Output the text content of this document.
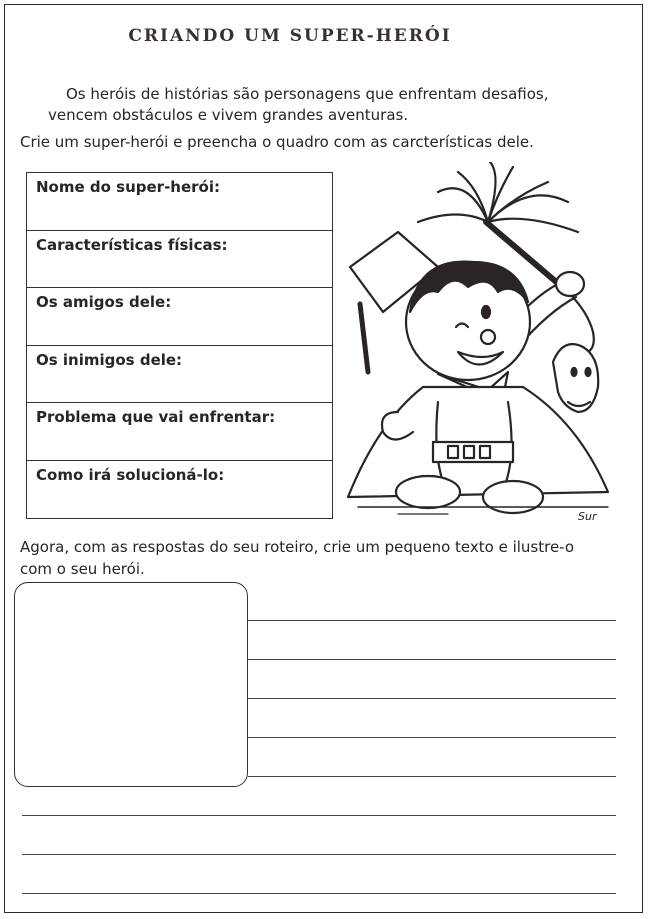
CRIANDO UM SUPER-HERÓI
Os heróis de histórias são personagens que enfrentam desafios,
vencem obstáculos e vivem grandes aventuras.
Crie um super-herói e preencha o quadro com as carcterísticas dele.
Nome do super-herói:
Características físicas:
Os amigos dele:
Os inimigos dele:
Problema que vai enfrentar:
Como irá solucioná-lo:
Sur
Agora, com as respostas do seu roteiro, crie um pequeno texto e ilustre-o
com o seu herói.
